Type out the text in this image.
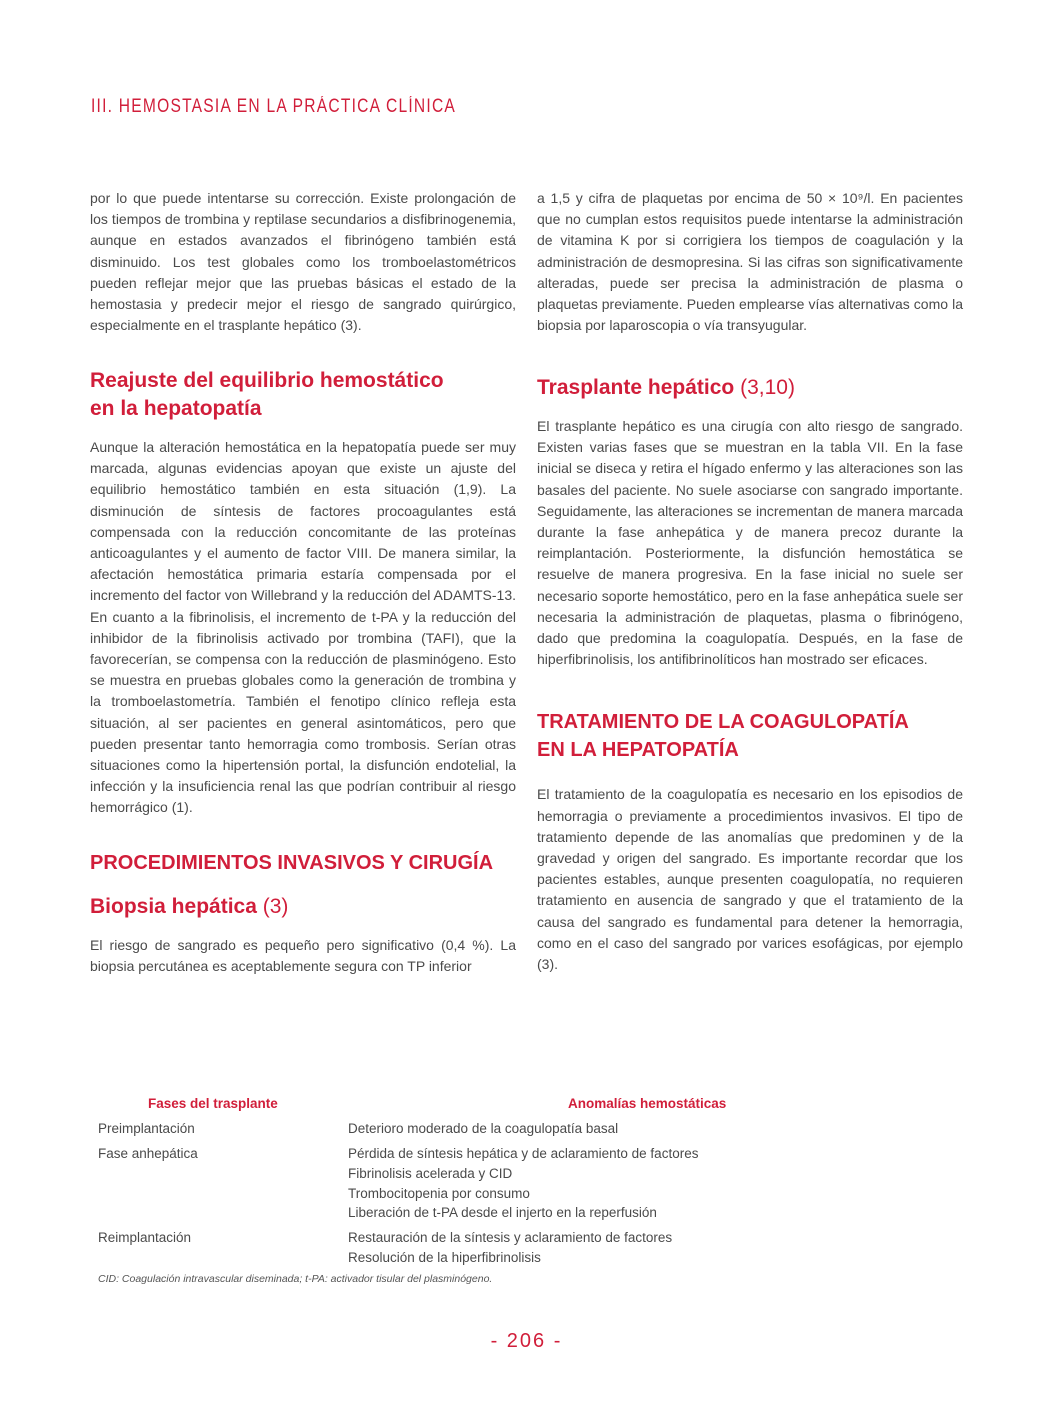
III. HEMOSTASIA EN LA PRÁCTICA CLÍNICA

por lo que puede intentarse su corrección. Existe prolongación de los tiempos de trombina y reptilase secundarios a disfibrinogenemia, aunque en estados avanzados el fibrinógeno también está disminuido. Los test globales como los tromboelastométricos pueden reflejar mejor que las pruebas básicas el estado de la hemostasia y predecir mejor el riesgo de sangrado quirúrgico, especialmente en el trasplante hepático (3).

Reajuste del equilibrio hemostático
en la hepatopatía

Aunque la alteración hemostática en la hepatopatía puede ser muy marcada, algunas evidencias apoyan que existe un ajuste del equilibrio hemostático también en esta situación (1,9). La disminución de síntesis de factores procoagulantes está compensada con la reducción concomitante de las proteínas anticoagulantes y el aumento de factor VIII. De manera similar, la afectación hemostática primaria estaría compensada por el incremento del factor von Willebrand y la reducción del ADAMTS-13. En cuanto a la fibrinolisis, el incremento de t-PA y la reducción del inhibidor de la fibrinolisis activado por trombina (TAFI), que la favorecerían, se compensa con la reducción de plasminógeno. Esto se muestra en pruebas globales como la generación de trombina y la tromboelastometría. También el fenotipo clínico refleja esta situación, al ser pacientes en general asintomáticos, pero que pueden presentar tanto hemorragia como trombosis. Serían otras situaciones como la hipertensión portal, la disfunción endotelial, la infección y la insuficiencia renal las que podrían contribuir al riesgo hemorrágico (1).

PROCEDIMIENTOS INVASIVOS Y CIRUGÍA
Biopsia hepática (3)

El riesgo de sangrado es pequeño pero significativo (0,4 %). La biopsia percutánea es aceptablemente segura con TP inferior

a 1,5 y cifra de plaquetas por encima de 50 × 10⁹/l. En pacientes que no cumplan estos requisitos puede intentarse la administración de vitamina K por si corrigiera los tiempos de coagulación y la administración de desmopresina. Si las cifras son significativamente alteradas, puede ser precisa la administración de plasma o plaquetas previamente. Pueden emplearse vías alternativas como la biopsia por laparoscopia o vía transyugular.

Trasplante hepático (3,10)

El trasplante hepático es una cirugía con alto riesgo de sangrado. Existen varias fases que se muestran en la tabla VII. En la fase inicial se diseca y retira el hígado enfermo y las alteraciones son las basales del paciente. No suele asociarse con sangrado importante. Seguidamente, las alteraciones se incrementan de manera marcada durante la fase anhepática y de manera precoz durante la reimplantación. Posteriormente, la disfunción hemostática se resuelve de manera progresiva. En la fase inicial no suele ser necesario soporte hemostático, pero en la fase anhepática suele ser necesaria la administración de plaquetas, plasma o fibrinógeno, dado que predomina la coagulopatía. Después, en la fase de hiperfibrinolisis, los antifibrinolíticos han mostrado ser eficaces.

TRATAMIENTO DE LA COAGULOPATÍA
EN LA HEPATOPATÍA

El tratamiento de la coagulopatía es necesario en los episodios de hemorragia o previamente a procedimientos invasivos. El tipo de tratamiento depende de las anomalías que predominen y de la gravedad y origen del sangrado. Es importante recordar que los pacientes estables, aunque presenten coagulopatía, no requieren tratamiento en ausencia de sangrado y que el tratamiento de la causa del sangrado es fundamental para detener la hemorragia, como en el caso del sangrado por varices esofágicas, por ejemplo (3).

Fases del trasplante	Anomalías hemostáticas
Preimplantación	Deterioro moderado de la coagulopatía basal
Fase anhepática	Pérdida de síntesis hepática y de aclaramiento de factores
Fibrinolisis acelerada y CID
Trombocitopenia por consumo
Liberación de t-PA desde el injerto en la reperfusión
Reimplantación	Restauración de la síntesis y aclaramiento de factores
Resolución de la hiperfibrinolisis
CID: Coagulación intravascular diseminada; t-PA: activador tisular del plasminógeno.
- 206 -
